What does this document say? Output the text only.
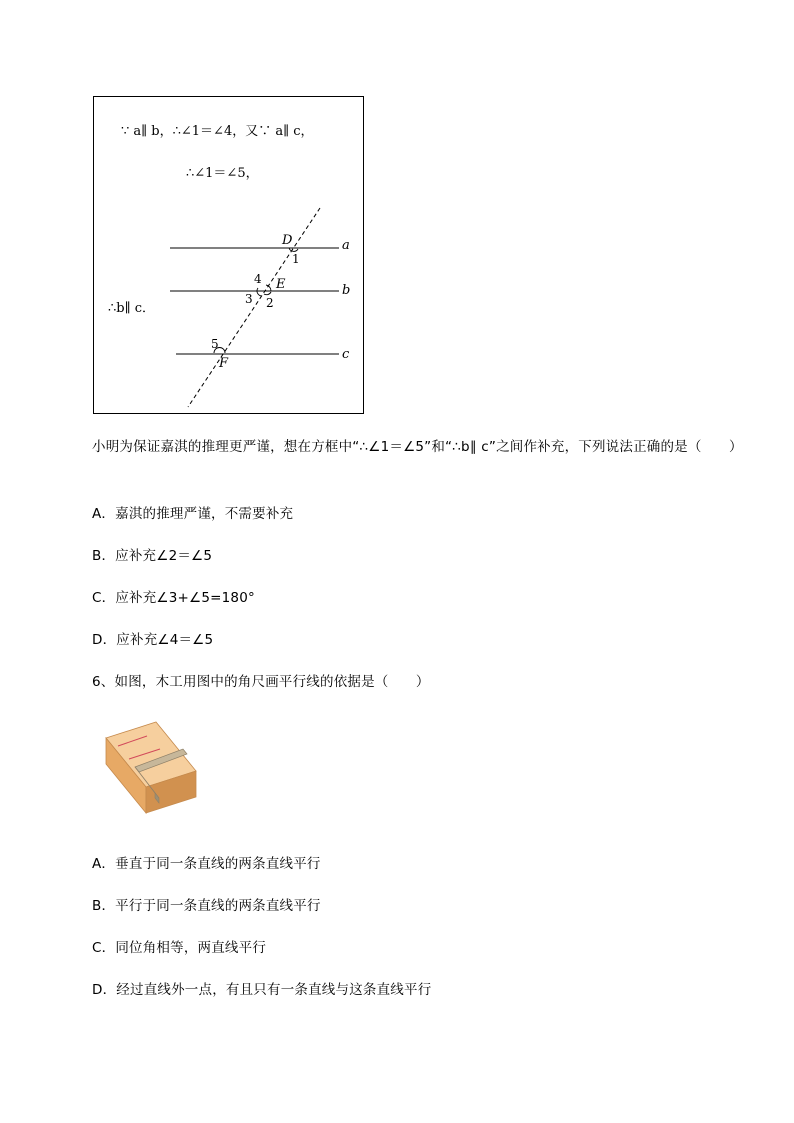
∵ a∥ b，∴∠1＝∠4，又∵ a∥ c，
∴∠1＝∠5，
∴b∥ c．
a
b
c
D
E
F
1
2
3
4
5
小明为保证嘉淇的推理更严谨，想在方框中“∴∠1＝∠5”和“∴b∥ c”之间作补充，下列说法正确的是（　　）
A．嘉淇的推理严谨，不需要补充
B．应补充∠2＝∠5
C．应补充∠3+∠5=180°
D．应补充∠4＝∠5
6、如图，木工用图中的角尺画平行线的依据是（　　）
A．垂直于同一条直线的两条直线平行
B．平行于同一条直线的两条直线平行
C．同位角相等，两直线平行
D．经过直线外一点，有且只有一条直线与这条直线平行
